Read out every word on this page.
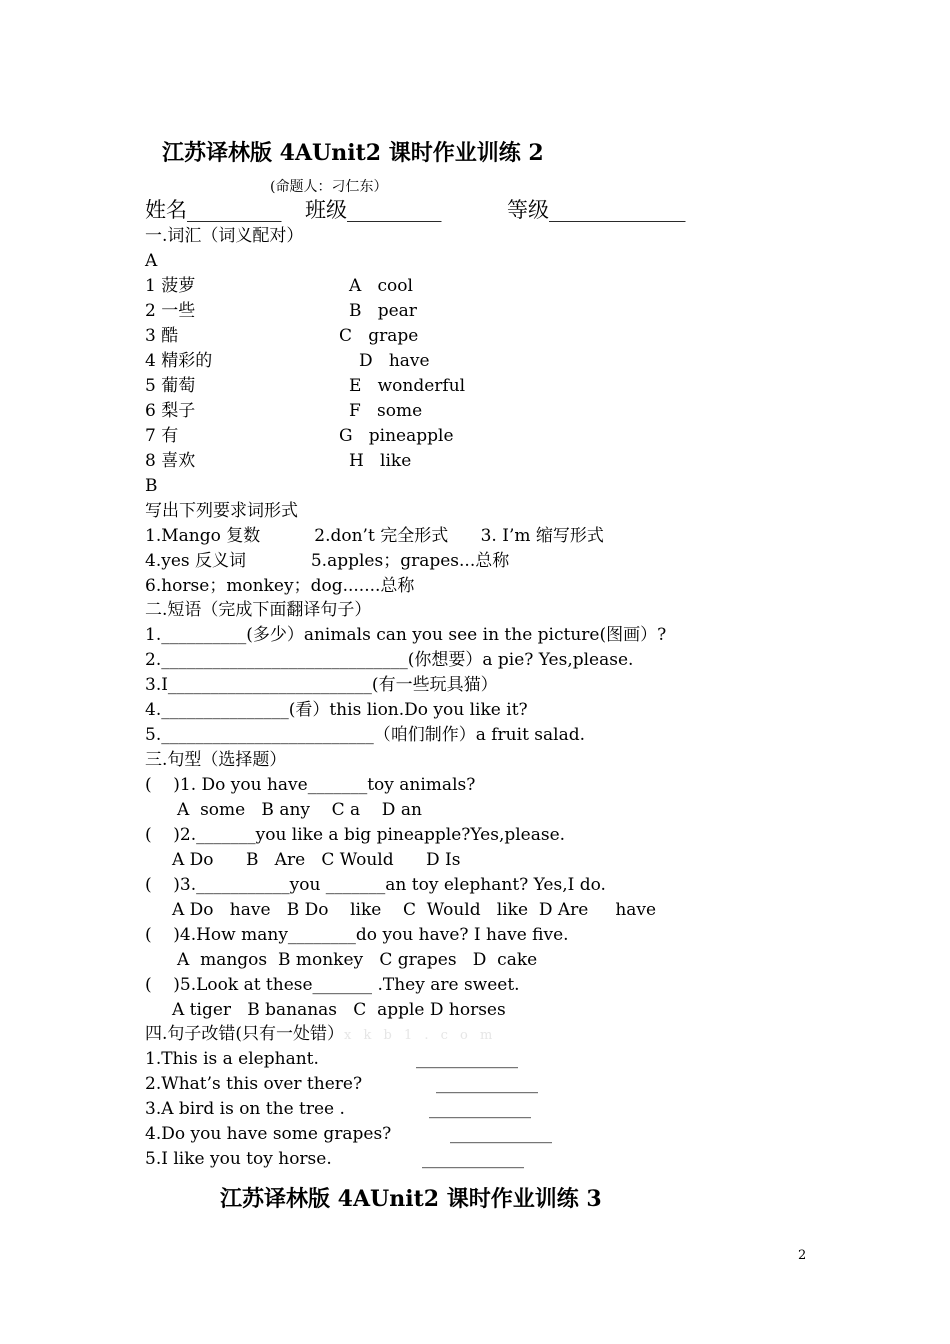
江苏译林版 4AUnit2 课时作业训练 2
(命题人：刁仁东）
姓名_________ 班级_________	等级_____________
一.词汇（词义配对）
A
1 菠萝	A   cool
2 一些	B   pear
3 酷	C   grape
4 精彩的	D   have
5 葡萄	E   wonderful
6 梨子	F   some
7 有	G   pineapple
8 喜欢	H   like
B
写出下列要求词形式
1.Mango 复数          2.don’t 完全形式      3. I’m 缩写形式
4.yes 反义词            5.apples；grapes...总称
6.horse；monkey；dog.......总称
二.短语（完成下面翻译句子）
1.__________(多少）animals can you see in the picture(图画）?
2._____________________________(你想要）a pie? Yes,please.
3.I________________________(有一些玩具猫）
4._______________(看）this lion.Do you like it?
5._________________________（咱们制作）a fruit salad.
三.句型（选择题）
(    )1. Do you have_______toy animals?
A  some   B any    C a    D an
(    )2._______you like a big pineapple?Yes,please.
A Do      B   Are   C Would      D Is
(    )3.___________you _______an toy elephant? Yes,I do.
A Do   have   B Do    like    C  Would   like  D Are     have
(    )4.How many________do you have? I have five.
A  mangos  B monkey   C grapes   D  cake
(    )5.Look at these_______ .They are sweet.
A tiger   B bananas   C  apple D horses
四.句子改错(只有一处错）x k b 1 . c o m
1.This is a elephant.	____________
2.What’s this over there?	____________
3.A bird is on the tree .	____________
4.Do you have some grapes?	____________
5.I like you toy horse.	____________
江苏译林版 4AUnit2 课时作业训练 3
2
